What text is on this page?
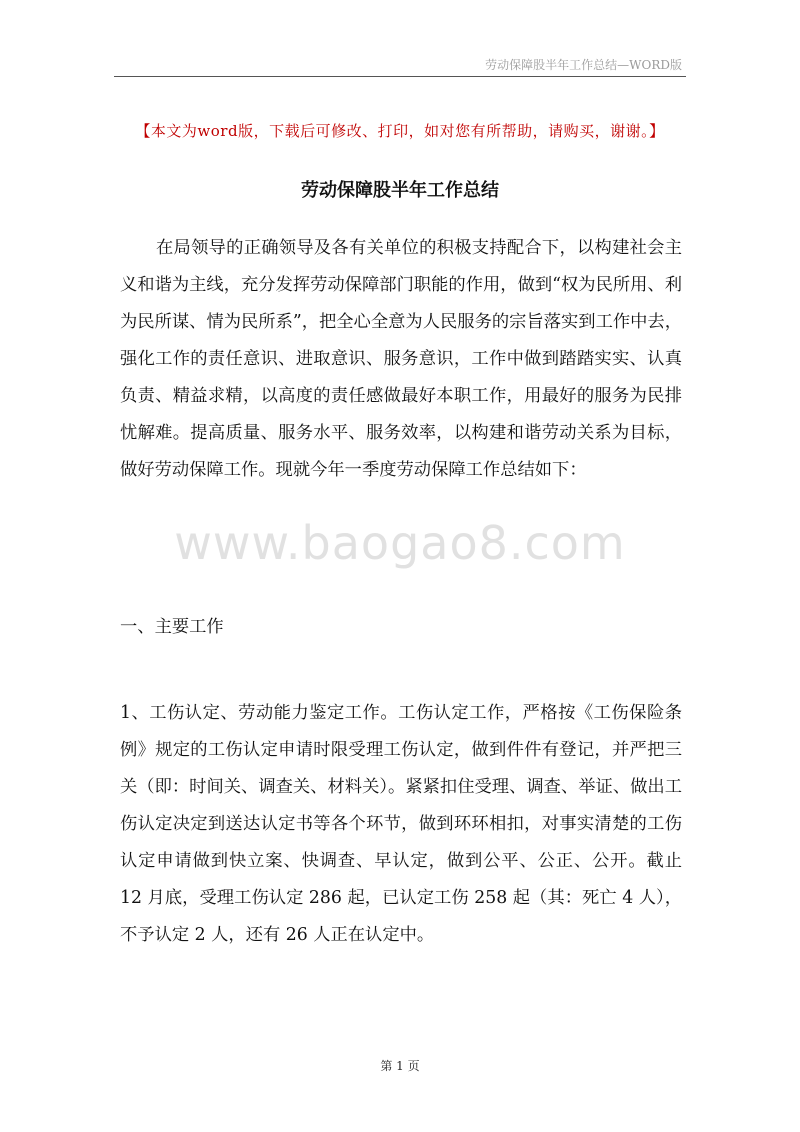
劳动保障股半年工作总结—WORD版
【本文为word版，下载后可修改、打印，如对您有所帮助，请购买，谢谢。】
劳动保障股半年工作总结
在局领导的正确领导及各有关单位的积极支持配合下，以构建社会主义和谐为主线，充分发挥劳动保障部门职能的作用，做到“权为民所用、利为民所谋、情为民所系”，把全心全意为人民服务的宗旨落实到工作中去，强化工作的责任意识、进取意识、服务意识，工作中做到踏踏实实、认真负责、精益求精，以高度的责任感做最好本职工作，用最好的服务为民排忧解难。提高质量、服务水平、服务效率，以构建和谐劳动关系为目标，做好劳动保障工作。现就今年一季度劳动保障工作总结如下：
www.baogao8.com
一、主要工作
1、工伤认定、劳动能力鉴定工作。工伤认定工作，严格按《工伤保险条例》规定的工伤认定申请时限受理工伤认定，做到件件有登记，并严把三关（即：时间关、调查关、材料关）。紧紧扣住受理、调查、举证、做出工伤认定决定到送达认定书等各个环节，做到环环相扣，对事实清楚的工伤认定申请做到快立案、快调查、早认定，做到公平、公正、公开。截止 12 月底，受理工伤认定 286 起，已认定工伤 258 起（其：死亡 4 人），不予认定 2 人，还有 26 人正在认定中。
第 1 页
